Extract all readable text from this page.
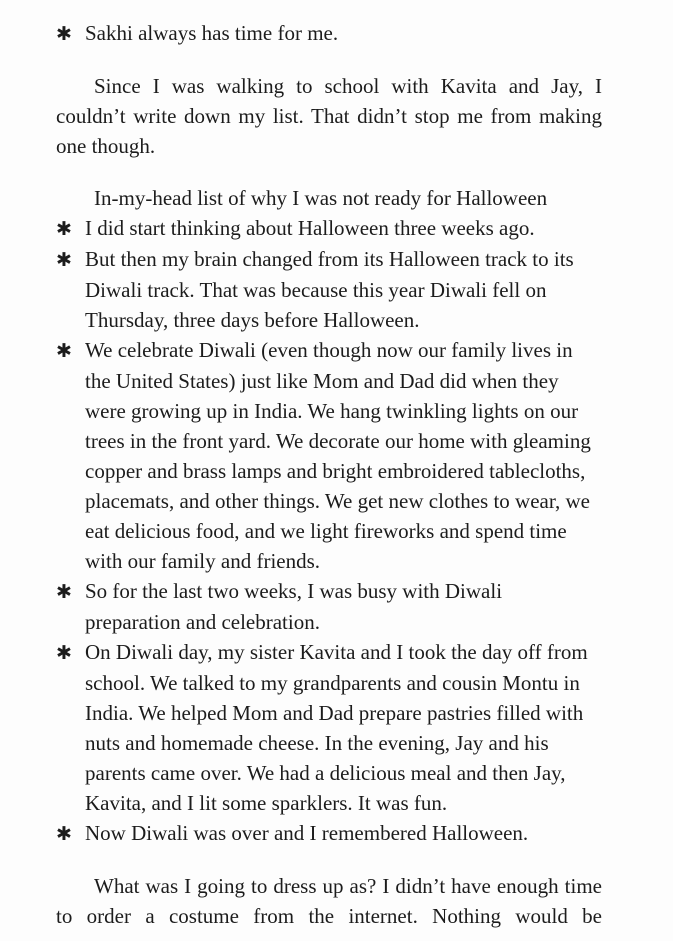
✱ Sakhi always has time for me.

Since I was walking to school with Kavita and Jay, I couldn’t write down my list. That didn’t stop me from making one though.

In-my-head list of why I was not ready for Halloween

✱ I did start thinking about Halloween three weeks ago.
✱ But then my brain changed from its Halloween track to its Diwali track. That was because this year Diwali fell on Thursday, three days before Halloween.
✱ We celebrate Diwali (even though now our family lives in the United States) just like Mom and Dad did when they were growing up in India. We hang twinkling lights on our trees in the front yard. We decorate our home with gleaming copper and brass lamps and bright embroidered tablecloths, placemats, and other things. We get new clothes to wear, we eat delicious food, and we light fireworks and spend time with our family and friends.
✱ So for the last two weeks, I was busy with Diwali preparation and celebration.
✱ On Diwali day, my sister Kavita and I took the day off from school. We talked to my grandparents and cousin Montu in India. We helped Mom and Dad prepare pastries filled with nuts and homemade cheese. In the evening, Jay and his parents came over. We had a delicious meal and then Jay, Kavita, and I lit some sparklers. It was fun.
✱ Now Diwali was over and I remembered Halloween.

What was I going to dress up as? I didn’t have enough time to order a costume from the internet. Nothing would be
